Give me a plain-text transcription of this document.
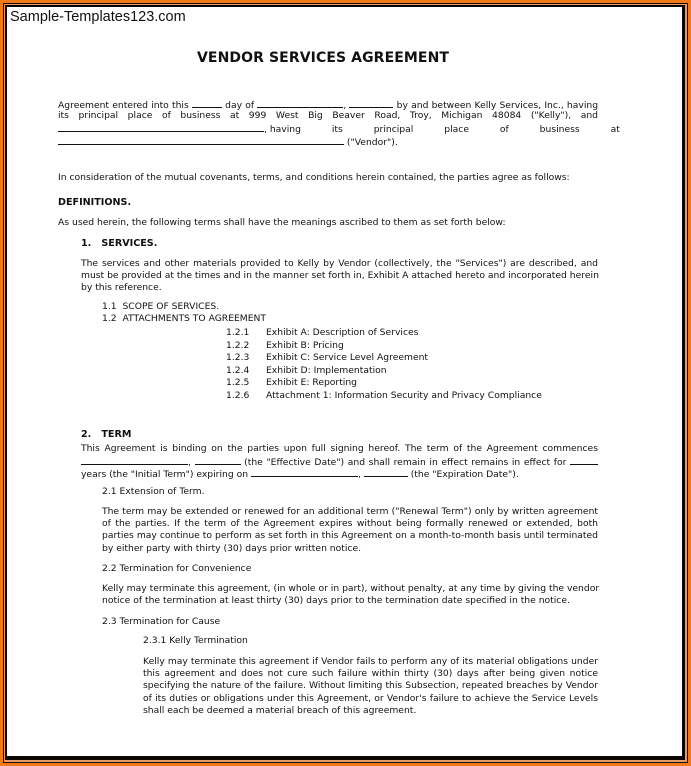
Sample-Templates123.com
VENDOR SERVICES AGREEMENT
Agreement entered into this	day of	,	by and between Kelly Services, Inc., having
its principal place of business at 999 West Big Beaver Road, Troy, Michigan 48084 ("Kelly"), and
, having its principal place of business at
("Vendor").
In consideration of the mutual covenants, terms, and conditions herein contained, the parties agree as follows:
DEFINITIONS.
As used herein, the following terms shall have the meanings ascribed to them as set forth below:
1. SERVICES.
The services and other materials provided to Kelly by Vendor (collectively, the "Services") are described, and
must be provided at the times and in the manner set forth in, Exhibit A attached hereto and incorporated herein
by this reference.
1.1 SCOPE OF SERVICES.
1.2 ATTACHMENTS TO AGREEMENT
1.2.1 Exhibit A: Description of Services
1.2.2 Exhibit B: Pricing
1.2.3 Exhibit C: Service Level Agreement
1.2.4 Exhibit D: Implementation
1.2.5 Exhibit E: Reporting
1.2.6 Attachment 1: Information Security and Privacy Compliance
2. TERM
This Agreement is binding on the parties upon full signing hereof. The term of the Agreement commences
,	(the "Effective Date") and shall remain in effect remains in effect for
years (the "Initial Term") expiring on	,	(the "Expiration Date").
2.1 Extension of Term.
The term may be extended or renewed for an additional term ("Renewal Term") only by written agreement
of the parties. If the term of the Agreement expires without being formally renewed or extended, both
parties may continue to perform as set forth in this Agreement on a month-to-month basis until terminated
by either party with thirty (30) days prior written notice.
2.2 Termination for Convenience
Kelly may terminate this agreement, (in whole or in part), without penalty, at any time by giving the vendor
notice of the termination at least thirty (30) days prior to the termination date specified in the notice.
2.3 Termination for Cause
2.3.1 Kelly Termination
Kelly may terminate this agreement if Vendor fails to perform any of its material obligations under
this agreement and does not cure such failure within thirty (30) days after being given notice
specifying the nature of the failure. Without limiting this Subsection, repeated breaches by Vendor
of its duties or obligations under this Agreement, or Vendor's failure to achieve the Service Levels
shall each be deemed a material breach of this agreement.
